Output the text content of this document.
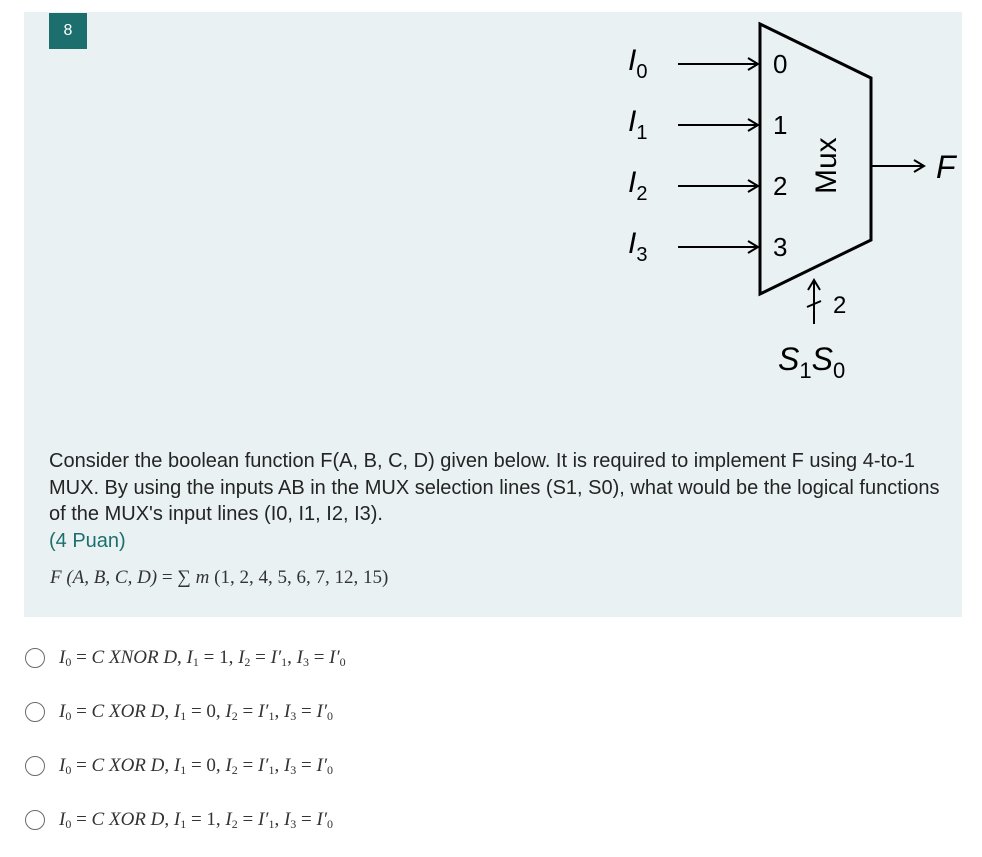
8
$I_0$
$I_1$
$I_2$
$I_3$
0
1
2
3
Mux	F
2
$S_1S_0$
Consider the boolean function F(A, B, C, D) given below. It is required to implement F using 4-to-1 MUX. By using the inputs AB in the MUX selection lines (S1, S0), what would be the logical functions of the MUX's input lines (I0, I1, I2, I3).
(4 Puan)
F (A, B, C, D) = ∑ m (1, 2, 4, 5, 6, 7, 12, 15)
$I_0 = C$ XNOR D, $I_1 = 1$, $I_2 = I'_1$, $I_3 = I'_0$
$I_0 = C$ XOR D, $I_1 = 0$, $I_2 = I'_1$, $I_3 = I'_0$
$I_0 = C$ XOR D, $I_1 = 0$, $I_2 = I'_1$, $I_3 = I'_0$
$I_0 = C$ XOR D, $I_1 = 1$, $I_2 = I'_1$, $I_3 = I'_0$
